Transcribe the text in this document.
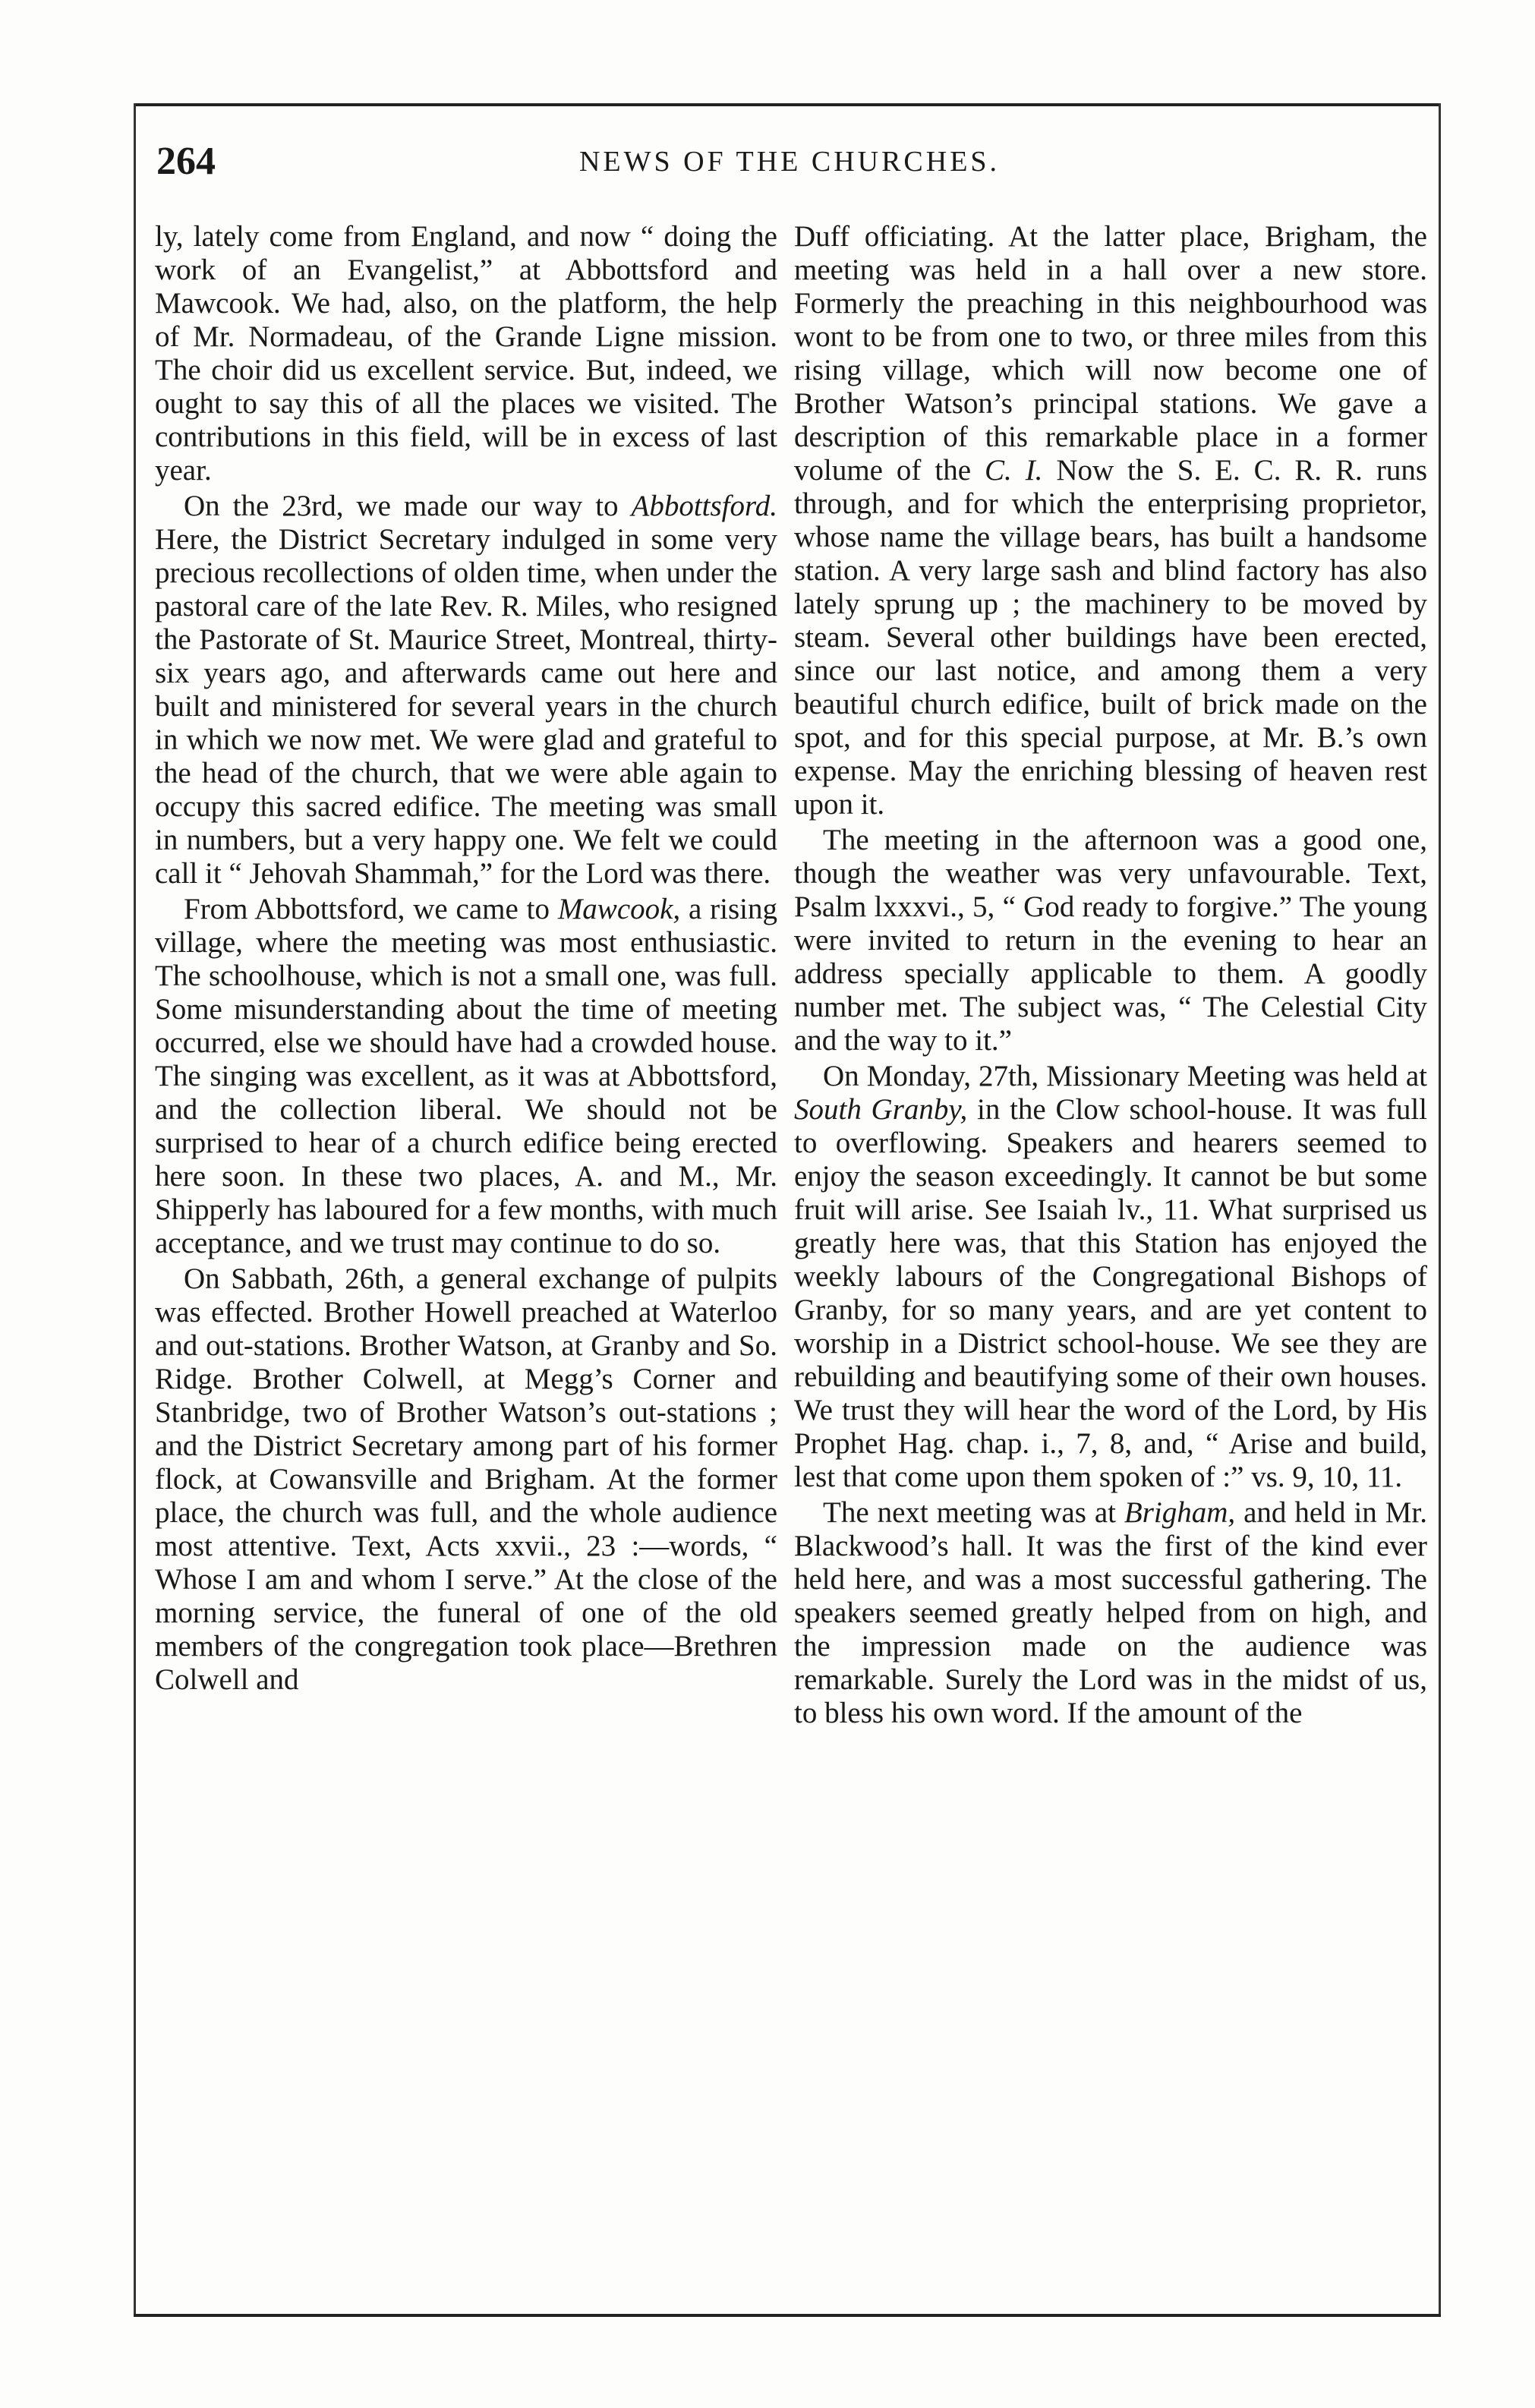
264	NEWS OF THE CHURCHES.

ly, lately come from England, and now “ doing the work of an Evangelist,” at Abbottsford and Mawcook. We had, also, on the platform, the help of Mr. Normadeau, of the Grande Ligne mission. The choir did us excellent service. But, indeed, we ought to say this of all the places we visited. The contributions in this field, will be in excess of last year.

On the 23rd, we made our way to Abbottsford. Here, the District Secretary indulged in some very precious recollections of olden time, when under the pastoral care of the late Rev. R. Miles, who resigned the Pastorate of St. Maurice Street, Montreal, thirty-six years ago, and afterwards came out here and built and ministered for several years in the church in which we now met. We were glad and grateful to the head of the church, that we were able again to occupy this sacred edifice. The meeting was small in numbers, but a very happy one. We felt we could call it “ Jehovah Shammah,” for the Lord was there.

From Abbottsford, we came to Mawcook, a rising village, where the meeting was most enthusiastic. The schoolhouse, which is not a small one, was full. Some misunderstanding about the time of meeting occurred, else we should have had a crowded house. The singing was excellent, as it was at Abbottsford, and the collection liberal. We should not be surprised to hear of a church edifice being erected here soon. In these two places, A. and M., Mr. Shipperly has laboured for a few months, with much acceptance, and we trust may continue to do so.

On Sabbath, 26th, a general exchange of pulpits was effected. Brother Howell preached at Waterloo and out-stations. Brother Watson, at Granby and So. Ridge. Brother Colwell, at Megg’s Corner and Stanbridge, two of Brother Watson’s out-stations ; and the District Secretary among part of his former flock, at Cowansville and Brigham. At the former place, the church was full, and the whole audience most attentive. Text, Acts xxvii., 23 :—words, “ Whose I am and whom I serve.” At the close of the morning service, the funeral of one of the old members of the congregation took place—Brethren Colwell and

Duff officiating. At the latter place, Brigham, the meeting was held in a hall over a new store. Formerly the preaching in this neighbourhood was wont to be from one to two, or three miles from this rising village, which will now become one of Brother Watson’s principal stations. We gave a description of this remarkable place in a former volume of the C. I. Now the S. E. C. R. R. runs through, and for which the enterprising proprietor, whose name the village bears, has built a handsome station. A very large sash and blind factory has also lately sprung up ; the machinery to be moved by steam. Several other buildings have been erected, since our last notice, and among them a very beautiful church edifice, built of brick made on the spot, and for this special purpose, at Mr. B.’s own expense. May the enriching blessing of heaven rest upon it.

The meeting in the afternoon was a good one, though the weather was very unfavourable. Text, Psalm lxxxvi., 5, “ God ready to forgive.” The young were invited to return in the evening to hear an address specially applicable to them. A goodly number met. The subject was, “ The Celestial City and the way to it.”

On Monday, 27th, Missionary Meeting was held at South Granby, in the Clow school-house. It was full to overflowing. Speakers and hearers seemed to enjoy the season exceedingly. It cannot be but some fruit will arise. See Isaiah lv., 11. What surprised us greatly here was, that this Station has enjoyed the weekly labours of the Congregational Bishops of Granby, for so many years, and are yet content to worship in a District school-house. We see they are rebuilding and beautifying some of their own houses. We trust they will hear the word of the Lord, by His Prophet Hag. chap. i., 7, 8, and, “ Arise and build, lest that come upon them spoken of :” vs. 9, 10, 11.

The next meeting was at Brigham, and held in Mr. Blackwood’s hall. It was the first of the kind ever held here, and was a most successful gathering. The speakers seemed greatly helped from on high, and the impression made on the audience was remarkable. Surely the Lord was in the midst of us, to bless his own word. If the amount of the
